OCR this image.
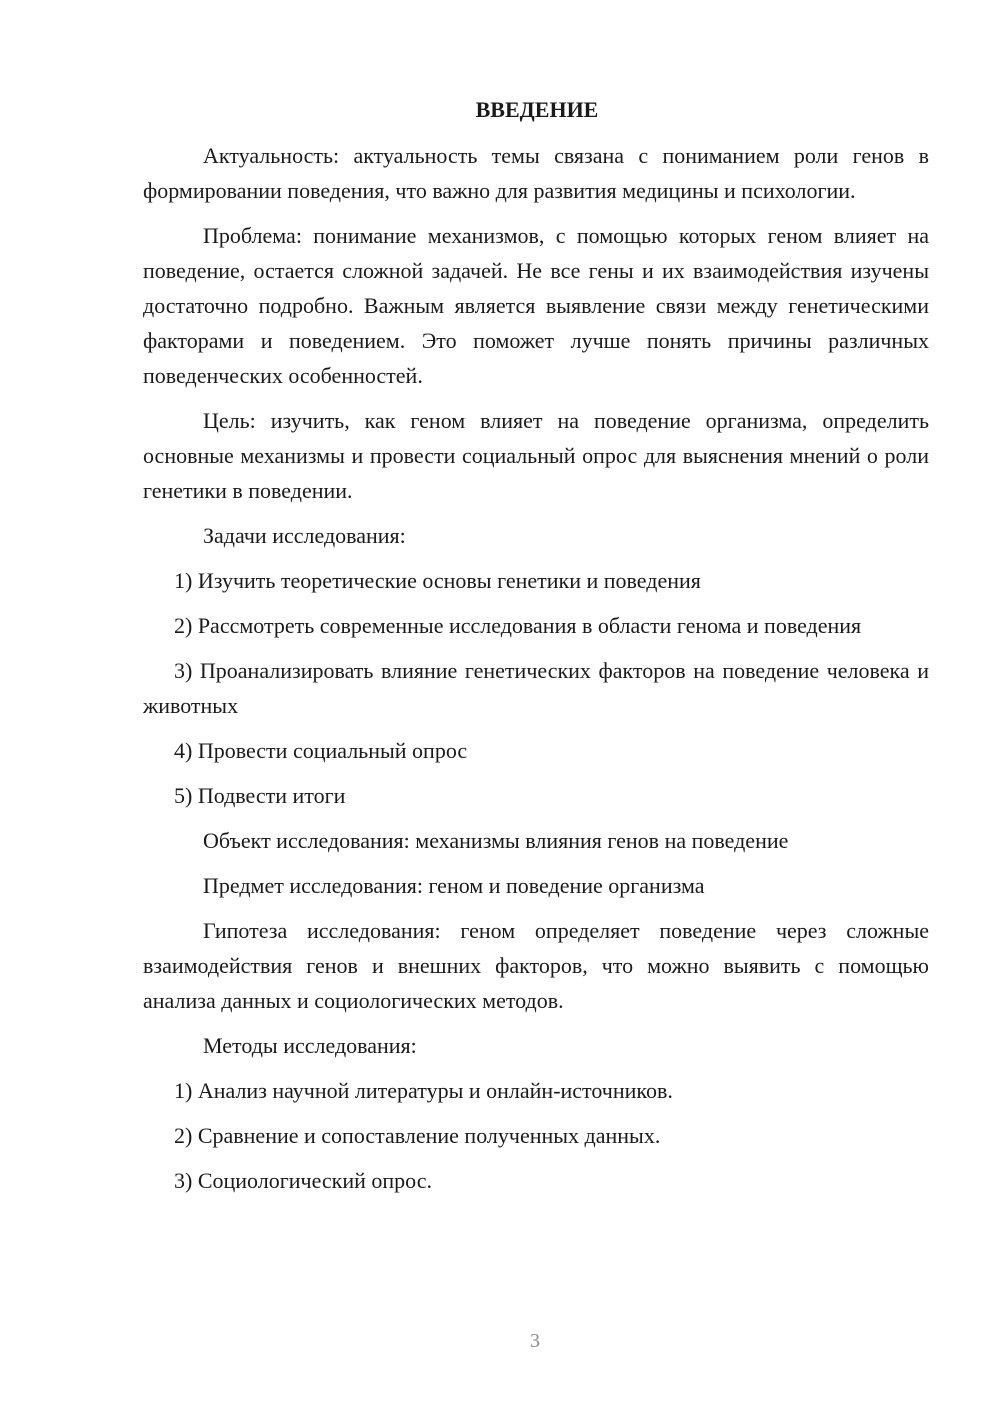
ВВЕДЕНИЕ

Актуальность: актуальность темы связана с пониманием роли генов в формировании поведения, что важно для развития медицины и психологии.

Проблема: понимание механизмов, с помощью которых геном влияет на поведение, остается сложной задачей. Не все гены и их взаимодействия изучены достаточно подробно. Важным является выявление связи между генетическими факторами и поведением. Это поможет лучше понять причины различных поведенческих особенностей.

Цель: изучить, как геном влияет на поведение организма, определить основные механизмы и провести социальный опрос для выяснения мнений о роли генетики в поведении.

Задачи исследования:

1) Изучить теоретические основы генетики и поведения

2) Рассмотреть современные исследования в области генома и поведения

3) Проанализировать влияние генетических факторов на поведение человека и животных

4) Провести социальный опрос

5) Подвести итоги

Объект исследования: механизмы влияния генов на поведение

Предмет исследования: геном и поведение организма

Гипотеза исследования: геном определяет поведение через сложные взаимодействия генов и внешних факторов, что можно выявить с помощью анализа данных и социологических методов.

Методы исследования:

1) Анализ научной литературы и онлайн-источников.

2) Сравнение и сопоставление полученных данных.

3) Социологический опрос.

3
